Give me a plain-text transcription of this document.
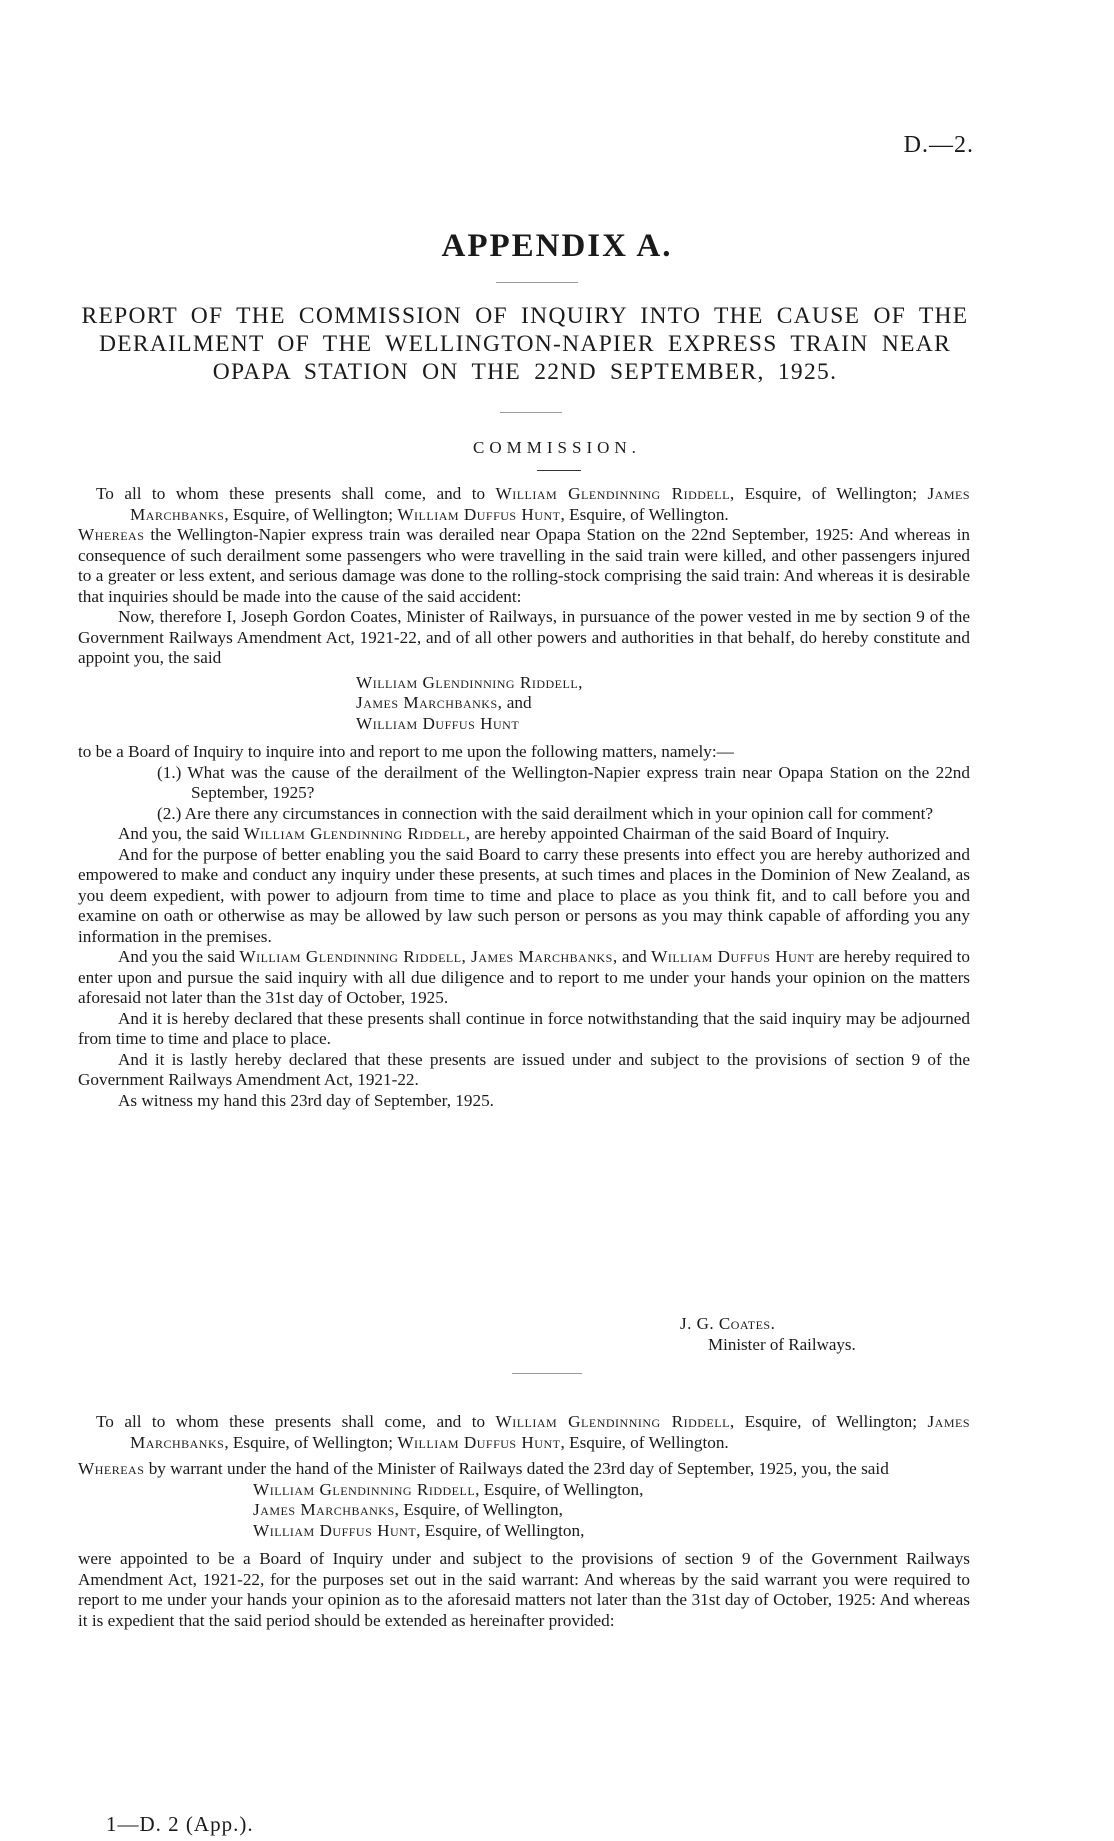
D.—2.
APPENDIX A.
REPORT OF THE COMMISSION OF INQUIRY INTO THE CAUSE OF THE DERAILMENT OF THE WELLINGTON-NAPIER EXPRESS TRAIN NEAR OPAPA STATION ON THE 22ND SEPTEMBER, 1925.
COMMISSION.

To all to whom these presents shall come, and to William Glendinning Riddell, Esquire, of Wellington; James Marchbanks, Esquire, of Wellington; William Duffus Hunt, Esquire, of Wellington.

Whereas the Wellington-Napier express train was derailed near Opapa Station on the 22nd September, 1925: And whereas in consequence of such derailment some passengers who were travelling in the said train were killed, and other passengers injured to a greater or less extent, and serious damage was done to the rolling-stock comprising the said train: And whereas it is desirable that inquiries should be made into the cause of the said accident:

Now, therefore I, Joseph Gordon Coates, Minister of Railways, in pursuance of the power vested in me by section 9 of the Government Railways Amendment Act, 1921-22, and of all other powers and authorities in that behalf, do hereby constitute and appoint you, the said

William Glendinning Riddell,
James Marchbanks, and
William Duffus Hunt

to be a Board of Inquiry to inquire into and report to me upon the following matters, namely:—

(1.) What was the cause of the derailment of the Wellington-Napier express train near Opapa Station on the 22nd September, 1925?

(2.) Are there any circumstances in connection with the said derailment which in your opinion call for comment?

And you, the said William Glendinning Riddell, are hereby appointed Chairman of the said Board of Inquiry.

And for the purpose of better enabling you the said Board to carry these presents into effect you are hereby authorized and empowered to make and conduct any inquiry under these presents, at such times and places in the Dominion of New Zealand, as you deem expedient, with power to adjourn from time to time and place to place as you think fit, and to call before you and examine on oath or otherwise as may be allowed by law such person or persons as you may think capable of affording you any information in the premises.

And you the said William Glendinning Riddell, James Marchbanks, and William Duffus Hunt are hereby required to enter upon and pursue the said inquiry with all due diligence and to report to me under your hands your opinion on the matters aforesaid not later than the 31st day of October, 1925.

And it is hereby declared that these presents shall continue in force notwithstanding that the said inquiry may be adjourned from time to time and place to place.

And it is lastly hereby declared that these presents are issued under and subject to the provisions of section 9 of the Government Railways Amendment Act, 1921-22.

As witness my hand this 23rd day of September, 1925.

J. G. Coates.
Minister of Railways.

To all to whom these presents shall come, and to William Glendinning Riddell, Esquire, of Wellington; James Marchbanks, Esquire, of Wellington; William Duffus Hunt, Esquire, of Wellington.

Whereas by warrant under the hand of the Minister of Railways dated the 23rd day of September, 1925, you, the said

William Glendinning Riddell, Esquire, of Wellington,
James Marchbanks, Esquire, of Wellington,
William Duffus Hunt, Esquire, of Wellington,

were appointed to be a Board of Inquiry under and subject to the provisions of section 9 of the Government Railways Amendment Act, 1921-22, for the purposes set out in the said warrant: And whereas by the said warrant you were required to report to me under your hands your opinion as to the aforesaid matters not later than the 31st day of October, 1925: And whereas it is expedient that the said period should be extended as hereinafter provided:

1—D. 2 (App.).
